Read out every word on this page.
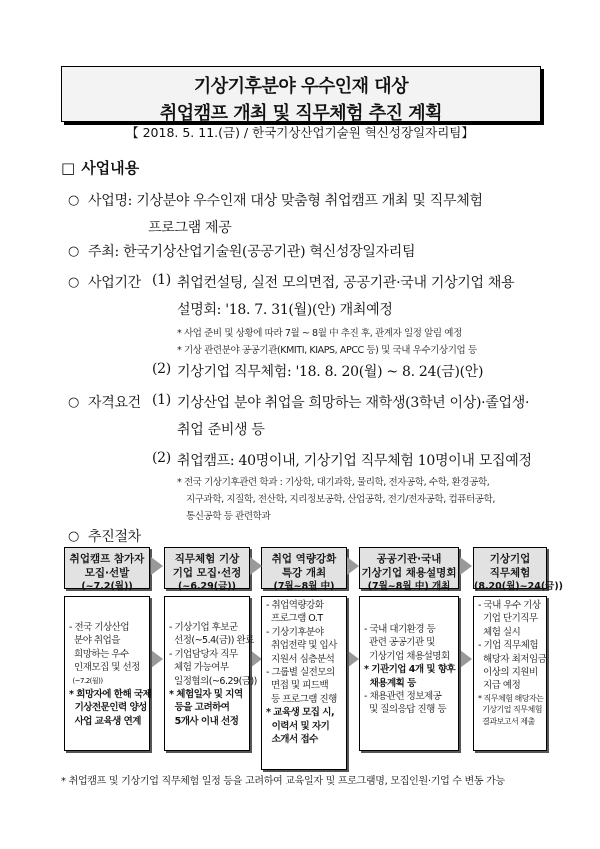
기상기후분야 우수인재 대상
취업캠프 개최 및 직무체험 추진 계획
【 2018. 5. 11.(금) / 한국기상산업기술원 혁신성장일자리팀】
□ 사업내용
○ 사업명: 기상분야 우수인재 대상 맞춤형 취업캠프 개최 및 직무체험
프로그램 제공
○ 주최: 한국기상산업기술원(공공기관) 혁신성장일자리팀
○ 사업기간 (1) 취업컨설팅, 실전 모의면접, 공공기관·국내 기상기업 채용
설명회: '18. 7. 31(월)(안) 개최예정
* 사업 준비 및 상황에 따라 7월 ~ 8월 中 추진 후, 관계자 일정 알림 예정
* 기상 관련분야 공공기관(KMITI, KIAPS, APCC 등) 및 국내 우수기상기업 등
(2) 기상기업 직무체험: '18. 8. 20(월) ~ 8. 24(금)(안)
○ 자격요건 (1) 기상산업 분야 취업을 희망하는 재학생(3학년 이상)·졸업생·
취업 준비생 등
(2) 취업캠프: 40명이내, 기상기업 직무체험 10명이내 모집예정
* 전국 기상기후관련 학과 : 기상학, 대기과학, 물리학, 전자공학, 수학, 환경공학,
지구과학, 지질학, 전산학, 지리정보공학, 산업공학, 전기/전자공학, 컴퓨터공학,
통신공학 등 관련학과
○ 추진절차
취업캠프 참가자
모집·선발
(~7.2(월))
직무체험 기상
기업 모집·선정
(~6.29(금))
취업 역량강화
특강 개최
(7월~8월 中)
공공기관·국내
기상기업 채용설명회
(7월~8월 中) 개최
기상기업
직무체험
(8.20(월)~24(금))

- 전국 기상산업

분야 취업을

희망하는 우수

인재모집 및 선정

(~7.2(월))

* 희망자에 한해 국제

기상전문인력 양성

사업 교육생 연계

- 기상기업 후보군

선정(~5.4(금)) 완료

- 기업담당자 직무

체험 가능여부

일정협의(~6.29(금))

* 체험일자 및 지역

등을 고려하여

5개사 이내 선정

- 취업역량강화

프로그램 O.T

- 기상기후분야

취업전략 및 입사

지원서 심층분석

- 그룹별 실전모의

면접 및 피드백

등 프로그램 진행

* 교육생 모집 시,

이력서 및 자기

소개서 접수

- 국내 대기환경 등

관련 공공기관 및

기상기업 채용설명회

* 기관기업 4개 및 향후

채용계획 등

- 채용관련 정보제공

및 질의응답 진행 등

- 국내 우수 기상

기업 단기직무

체험 실시

- 기업 직무체험

해당자 최저임금

이상의 지원비

지급 예정

* 직무체험 해당자는

기상기업 직무체험

결과보고서 제출

* 취업캠프 및 기상기업 직무체험 일정 등을 고려하여 교육일자 및 프로그램명, 모집인원·기업 수 변동 가능
